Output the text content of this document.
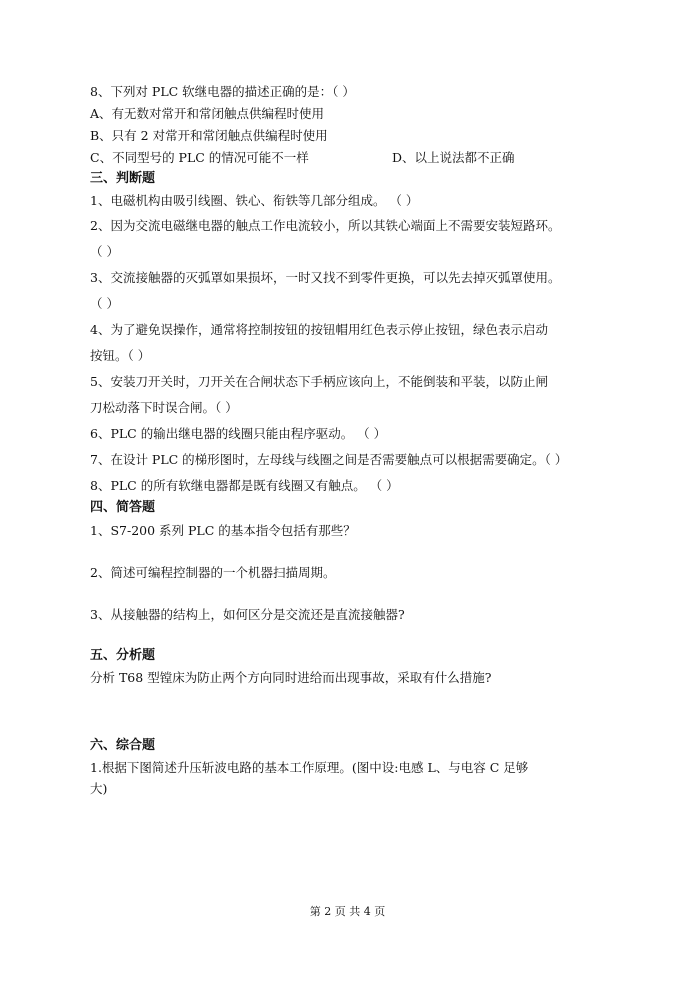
8、下列对 PLC 软继电器的描述正确的是：（ ）

A、有无数对常开和常闭触点供编程时使用

B、只有 2 对常开和常闭触点供编程时使用

C、不同型号的 PLC 的情况可能不一样	D、以上说法都不正确

三、判断题

1、电磁机构由吸引线圈、铁心、衔铁等几部分组成。 （ ）

2、因为交流电磁继电器的触点工作电流较小，所以其铁心端面上不需要安装短路环。

（ ）

3、交流接触器的灭弧罩如果损坏，一时又找不到零件更换，可以先去掉灭弧罩使用。

（ ）

4、为了避免误操作，通常将控制按钮的按钮帽用红色表示停止按钮，绿色表示启动

按钮。（ ）

5、安装刀开关时，刀开关在合闸状态下手柄应该向上，不能倒装和平装，以防止闸

刀松动落下时误合闸。（ ）

6、PLC 的输出继电器的线圈只能由程序驱动。 （ ）

7、在设计 PLC 的梯形图时，左母线与线圈之间是否需要触点可以根据需要确定。（ ）

8、PLC 的所有软继电器都是既有线圈又有触点。 （ ）

四、简答题

1、S7-200 系列 PLC 的基本指令包括有那些？

2、简述可编程控制器的一个机器扫描周期。

3、从接触器的结构上，如何区分是交流还是直流接触器?

五、分析题

分析 T68 型镗床为防止两个方向同时进给而出现事故，采取有什么措施?

六、综合题

1.根据下图简述升压斩波电路的基本工作原理。(图中设:电感 L、与电容 C 足够

大)

第 2 页 共 4 页
